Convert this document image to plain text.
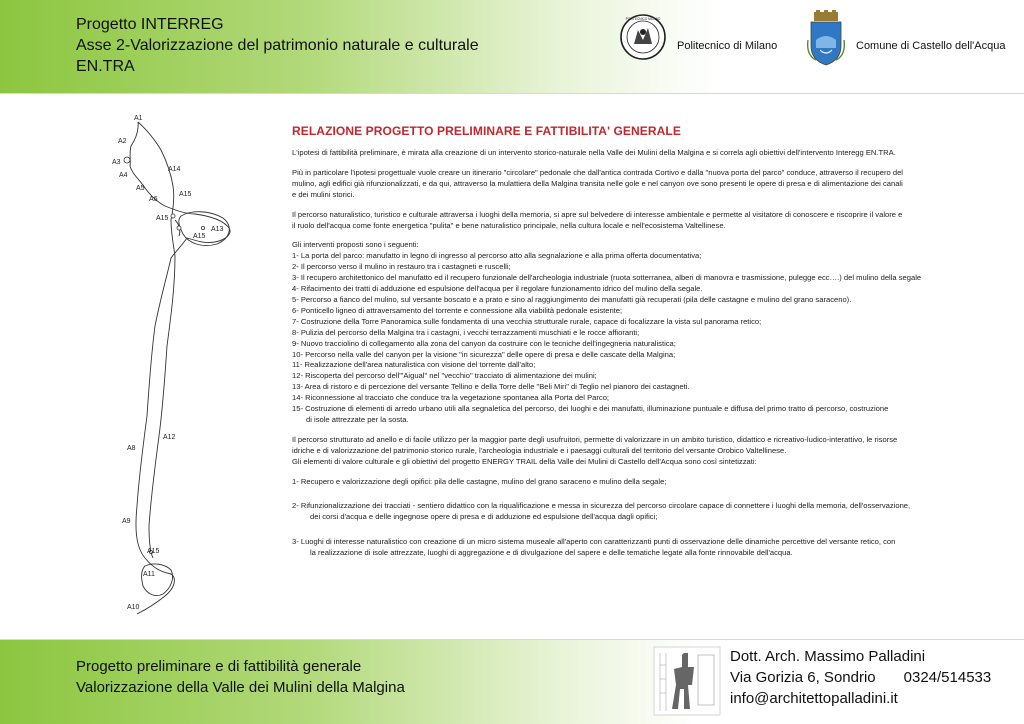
Progetto INTERREG
Asse 2-Valorizzazione del patrimonio naturale e culturale
EN.TRA
POLITECNICO MILANO
Politecnico di Milano	Comune di Castello dell'Acqua
A1
A2
A3
A4
A5
A14
A6
A15
A15
A13
A15
A8
A12
A9
A15
A11
A10
RELAZIONE PROGETTO PRELIMINARE E FATTIBILITA' GENERALE
L'ipotesi di fattibilità preliminare, è mirata alla creazione di un intervento storico-naturale nella Valle dei Mulini della Malgina e si correla agli obiettivi dell'intervento Interegg EN.TRA.
Più in particolare l'ipotesi progettuale vuole creare un itinerario "circolare" pedonale che dall'antica contrada Cortivo e dalla "nuova porta del parco" conduce, attraverso il recupero del
mulino, agli edifici già rifunzionalizzati, e da qui, attraverso la mulattiera della Malgina transita nelle gole e nel canyon ove sono presenti le opere di presa e di alimentazione dei canali
e dei mulini storici.
Il percorso naturalistico, turistico e culturale attraversa i luoghi della memoria, si apre sul belvedere di interesse ambientale e permette al visitatore di conoscere e riscoprire il valore e
il ruolo dell'acqua come fonte energetica "pulita" e bene naturalistico principale, nella cultura locale e nell'ecosistema Valtellinese.
Gli interventi proposti sono i seguenti:
1- La porta del parco: manufatto in legno di ingresso al percorso atto alla segnalazione e alla prima offerta documentativa;
2- Il percorso verso il mulino in restauro tra i castagneti e ruscelli;
3- Il recupero architettonico del manufatto ed il recupero funzionale dell'archeologia industriale (ruota sotterranea, alberi di manovra e trasmissione, pulegge ecc….) del mulino della segale
4- Rifacimento dei tratti di adduzione ed espulsione dell'acqua per il regolare funzionamento idrico del mulino della segale.
5- Percorso a fianco del mulino, sul versante boscato e a prato e sino al raggiungimento dei manufatti già recuperati (pila delle castagne e mulino del grano saraceno).
6- Ponticello ligneo di attraversamento del torrente e connessione alla viabilità pedonale esistente;
7- Costruzione della Torre Panoramica sulle fondamenta di una vecchia strutturale rurale, capace di focalizzare la vista sul panorama retico;
8- Pulizia del percorso della Malgina tra i castagni, i vecchi terrazzamenti muschiati e le rocce affioranti;
9- Nuovo tracciolino di collegamento alla zona del canyon da costruire con le tecniche dell'ingegneria naturalistica;
10- Percorso nella valle del canyon per la visione "in sicurezza" delle opere di presa e delle cascate della Malgina;
11- Realizzazione dell'area naturalistica con visione del torrente dall'alto;
12- Riscoperta del percorso dell'"Aigual" nel "vecchio" tracciato di alimentazione dei mulini;
13- Area di ristoro e di percezione del versante Tellino e della Torre delle "Beli Miri" di Teglio nel pianoro dei castagneti.
14- Riconnessione al tracciato che conduce tra la vegetazione spontanea alla Porta del Parco;
15- Costruzione di elementi di arredo urbano utili alla segnaletica del percorso, dei luoghi e dei manufatti, illuminazione puntuale e diffusa del primo tratto di percorso, costruzione
di isole attrezzate per la sosta.
Il percorso strutturato ad anello e di facile utilizzo per la maggior parte degli usufruitori, permette di valorizzare in un ambito turistico, didattico e ricreativo-ludico-interattivo, le risorse
idriche e di valorizzazione del patrimonio storico rurale, l'archeologia industriale e i paesaggi culturali del territorio del versante Orobico Valtellinese.
Gli elementi di valore culturale e gli obiettivi del progetto ENERGY TRAIL della Valle dei Mulini di Castello dell'Acqua sono così sintetizzati:
1- Recupero e valorizzazione degli opifici: pila delle castagne, mulino del grano saraceno e mulino della segale;
2- Rifunzionalizzazione dei tracciati - sentiero didattico con la riqualificazione e messa in sicurezza del percorso circolare capace di connettere i luoghi della memoria, dell'osservazione,
dei corsi d'acqua e delle ingegnose opere di presa e di adduzione ed espulsione dell'acqua dagli opifici;
3- Luoghi di interesse naturalistico con creazione di un micro sistema museale all'aperto con caratterizzanti punti di osservazione delle dinamiche percettive del versante retico, con
la realizzazione di isole attrezzate, luoghi di aggregazione e di divulgazione del sapere e delle tematiche legate alla fonte rinnovabile dell'acqua.
Progetto preliminare e di fattibilità generale
Valorizzazione della Valle dei Mulini della Malgina
Dott. Arch. Massimo Palladini
Via Gorizia 6, Sondrio 0324/514533
info@architettopalladini.it
